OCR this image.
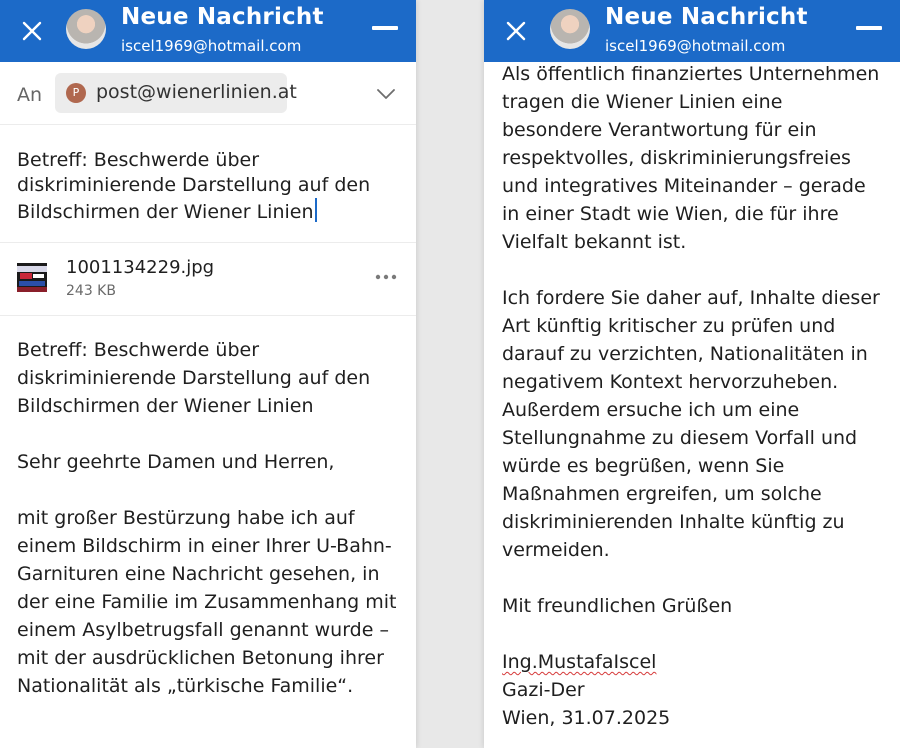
Neue Nachricht
iscel1969@hotmail.com
An	P post@wienerlinien.at
Betreff: Beschwerde über diskriminierende Darstellung auf den Bildschirmen der Wiener Linien
1001134229.jpg
243 KB

Betreff: Beschwerde über diskriminierende Darstellung auf den Bildschirmen der Wiener Linien

Sehr geehrte Damen und Herren,

mit großer Bestürzung habe ich auf einem Bildschirm in einer Ihrer U-Bahn-Garnituren eine Nachricht gesehen, in der eine Familie im Zusammenhang mit einem Asylbetrugsfall genannt wurde – mit der ausdrücklichen Betonung ihrer Nationalität als „türkische Familie“.

Als öffentlich finanziertes Unternehmen tragen die Wiener Linien eine besondere Verantwortung für ein respektvolles, diskriminierungsfreies und integratives Miteinander – gerade in einer Stadt wie Wien, die für ihre Vielfalt bekannt ist.

Ich fordere Sie daher auf, Inhalte dieser Art künftig kritischer zu prüfen und darauf zu verzichten, Nationalitäten in negativem Kontext hervorzuheben. Außerdem ersuche ich um eine Stellungnahme zu diesem Vorfall und würde es begrüßen, wenn Sie Maßnahmen ergreifen, um solche diskriminierenden Inhalte künftig zu vermeiden.

Mit freundlichen Grüßen

Ing.MustafaIscel

Gazi-Der

Wien, 31.07.2025

Neue Nachricht
iscel1969@hotmail.com
